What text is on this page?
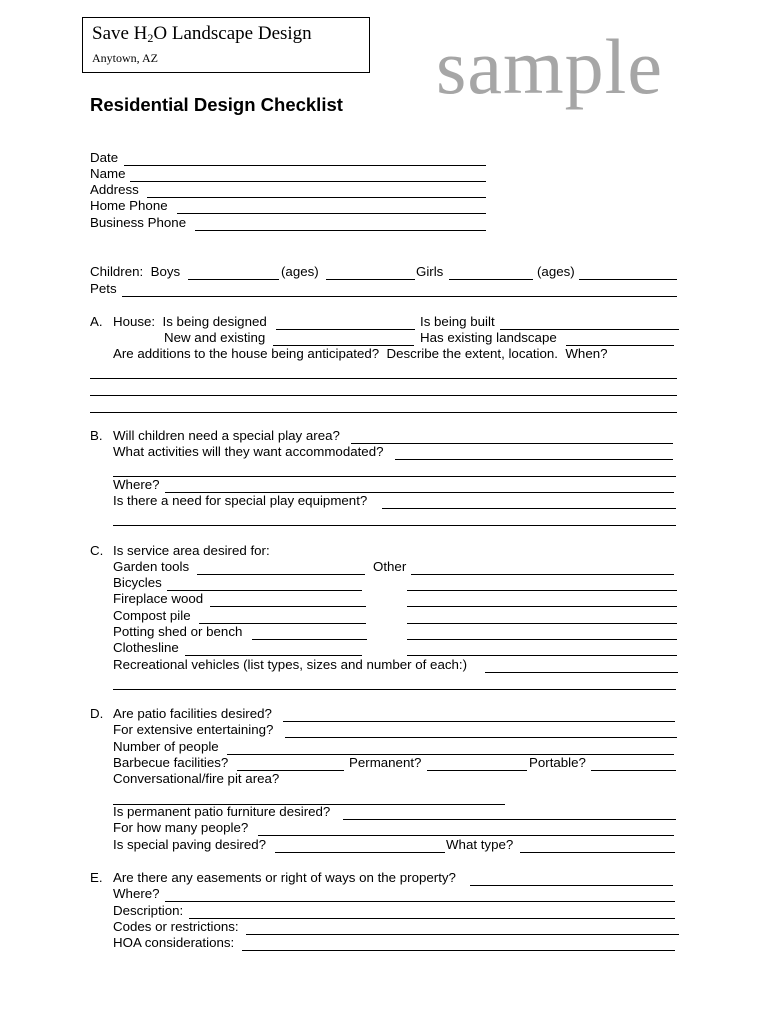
Save $H_2O$ Landscape Design
Anytown, AZ	sample
Residential Design Checklist
Date
Name
Address
Home Phone
Business Phone
Children:  Boys	(ages)	Girls	(ages)
Pets
A. House:  Is being designed	Is being built
New and existing	Has existing landscape
Are additions to the house being anticipated?  Describe the extent, location.  When?
B. Will children need a special play area?
What activities will they want accommodated?
Where?
Is there a need for special play equipment?
C. Is service area desired for:
Garden tools	Other
Bicycles
Fireplace wood
Compost pile
Potting shed or bench
Clothesline
Recreational vehicles (list types, sizes and number of each:)
D. Are patio facilities desired?
For extensive entertaining?
Number of people
Barbecue facilities?	Permanent?	Portable?
Conversational/fire pit area?
Is permanent patio furniture desired?
For how many people?
Is special paving desired?	What type?
E. Are there any easements or right of ways on the property?
Where?
Description:
Codes or restrictions:
HOA considerations:
